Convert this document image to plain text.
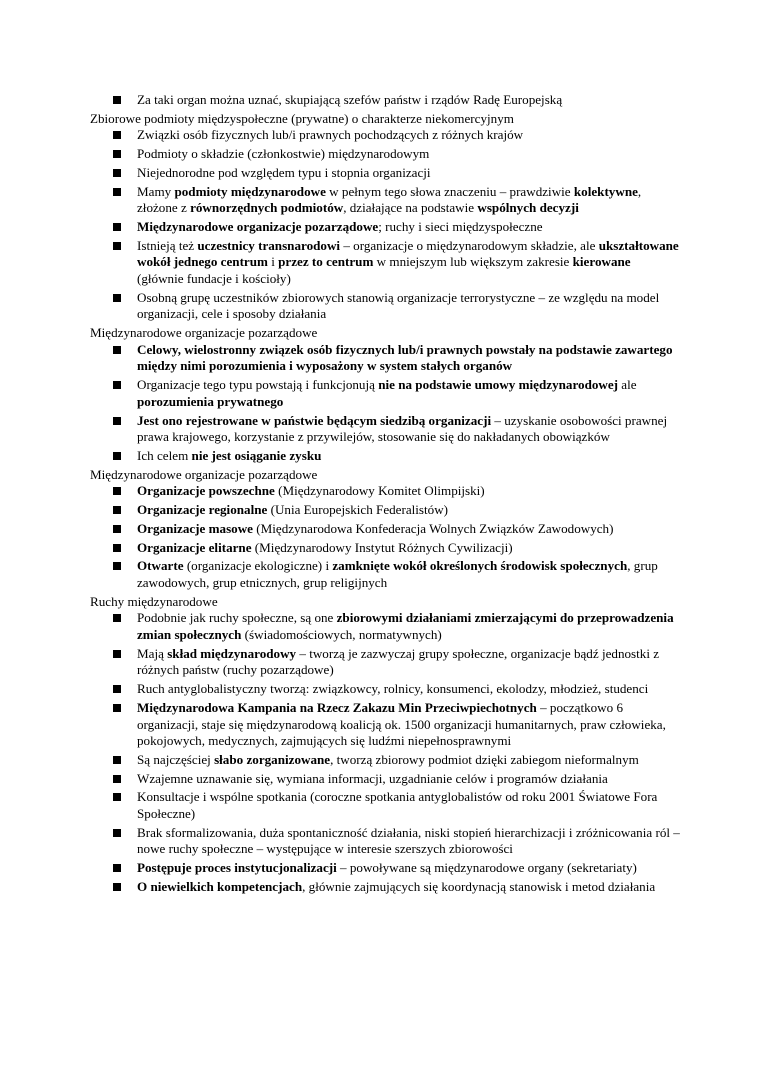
Za taki organ można uznać, skupiającą szefów państw i rządów Radę Europejską
Zbiorowe podmioty międzyspołeczne (prywatne) o charakterze niekomercyjnym
Związki osób fizycznych lub/i prawnych pochodzących z różnych krajów
Podmioty o składzie (członkostwie) międzynarodowym
Niejednorodne pod względem typu i stopnia organizacji
Mamy podmioty międzynarodowe w pełnym tego słowa znaczeniu – prawdziwie kolektywne, złożone z równorzędnych podmiotów, działające na podstawie wspólnych decyzji
Międzynarodowe organizacje pozarządowe; ruchy i sieci międzyspołeczne
Istnieją też uczestnicy transnarodowi – organizacje o międzynarodowym składzie, ale ukształtowane wokół jednego centrum i przez to centrum w mniejszym lub większym zakresie kierowane (głównie fundacje i kościoły)
Osobną grupę uczestników zbiorowych stanowią organizacje terrorystyczne – ze względu na model organizacji, cele i sposoby działania
Międzynarodowe organizacje pozarządowe
Celowy, wielostronny związek osób fizycznych lub/i prawnych powstały na podstawie zawartego między nimi porozumienia i wyposażony w system stałych organów
Organizacje tego typu powstają i funkcjonują nie na podstawie umowy międzynarodowej ale porozumienia prywatnego
Jest ono rejestrowane w państwie będącym siedzibą organizacji – uzyskanie osobowości prawnej prawa krajowego, korzystanie z przywilejów, stosowanie się do nakładanych obowiązków
Ich celem nie jest osiąganie zysku
Międzynarodowe organizacje pozarządowe
Organizacje powszechne (Międzynarodowy Komitet Olimpijski)
Organizacje regionalne (Unia Europejskich Federalistów)
Organizacje masowe (Międzynarodowa Konfederacja Wolnych Związków Zawodowych)
Organizacje elitarne (Międzynarodowy Instytut Różnych Cywilizacji)
Otwarte (organizacje ekologiczne) i zamknięte wokół określonych środowisk społecznych, grup zawodowych, grup etnicznych, grup religijnych
Ruchy międzynarodowe
Podobnie jak ruchy społeczne, są one zbiorowymi działaniami zmierzającymi do przeprowadzenia zmian społecznych (świadomościowych, normatywnych)
Mają skład międzynarodowy – tworzą je zazwyczaj grupy społeczne, organizacje bądź jednostki z różnych państw (ruchy pozarządowe)
Ruch antyglobalistyczny tworzą: związkowcy, rolnicy, konsumenci, ekolodzy, młodzież, studenci
Międzynarodowa Kampania na Rzecz Zakazu Min Przeciwpiechotnych – początkowo 6 organizacji, staje się międzynarodową koalicją ok. 1500 organizacji humanitarnych, praw człowieka, pokojowych, medycznych, zajmujących się ludźmi niepełnosprawnymi
Są najczęściej słabo zorganizowane, tworzą zbiorowy podmiot dzięki zabiegom nieformalnym
Wzajemne uznawanie się, wymiana informacji, uzgadnianie celów i programów działania
Konsultacje i wspólne spotkania (coroczne spotkania antyglobalistów od roku 2001 Światowe Fora Społeczne)
Brak sformalizowania, duża spontaniczność działania, niski stopień hierarchizacji i zróżnicowania ról – nowe ruchy społeczne – występujące w interesie szerszych zbiorowości
Postępuje proces instytucjonalizacji – powoływane są międzynarodowe organy (sekretariaty)
O niewielkich kompetencjach, głównie zajmujących się koordynacją stanowisk i metod działania
